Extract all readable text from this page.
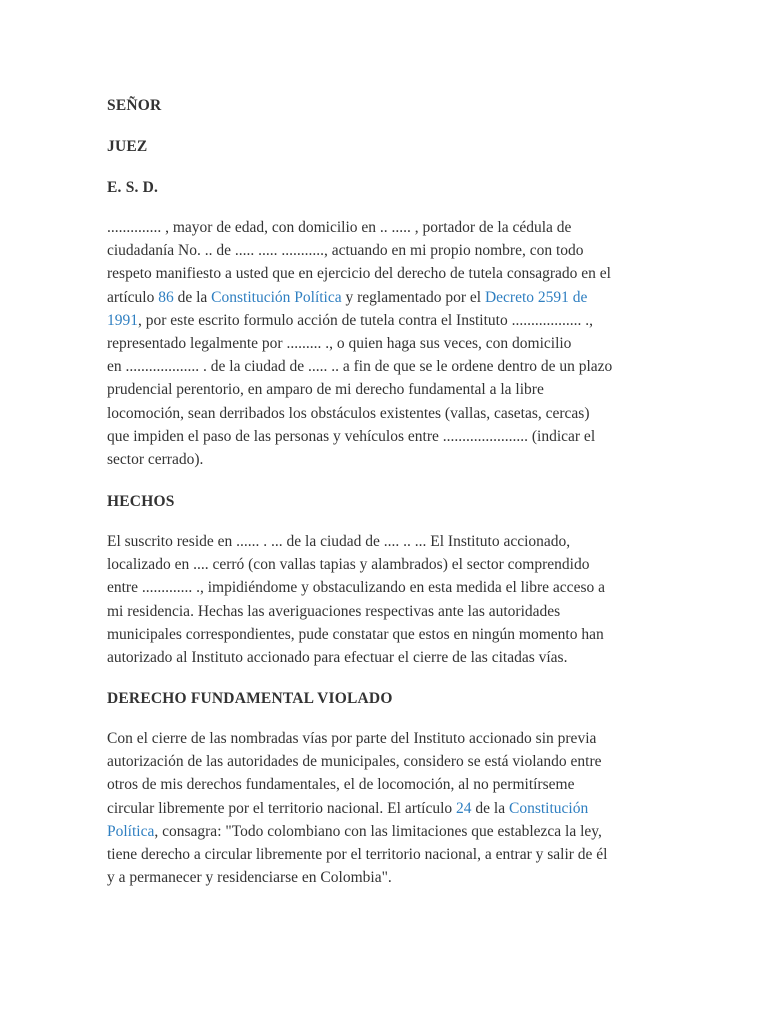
SEÑOR

JUEZ

E. S. D.

.............. , mayor de edad, con domicilio en .. ..... , portador de la cédula de
ciudadanía No. .. de ..... ..... ..........., actuando en mi propio nombre, con todo
respeto manifiesto a usted que en ejercicio del derecho de tutela consagrado en el
artículo 86 de la Constitución Política y reglamentado por el Decreto 2591 de
1991, por este escrito formulo acción de tutela contra el Instituto .................. .,
representado legalmente por ......... ., o quien haga sus veces, con domicilio
en ................... . de la ciudad de ..... .. a fin de que se le ordene dentro de un plazo
prudencial perentorio, en amparo de mi derecho fundamental a la libre
locomoción, sean derribados los obstáculos existentes (vallas, casetas, cercas)
que impiden el paso de las personas y vehículos entre ...................... (indicar el
sector cerrado).

HECHOS

El suscrito reside en ...... . ... de la ciudad de .... .. ... El Instituto accionado,
localizado en .... cerró (con vallas tapias y alambrados) el sector comprendido
entre ............. ., impidiéndome y obstaculizando en esta medida el libre acceso a
mi residencia. Hechas las averiguaciones respectivas ante las autoridades
municipales correspondientes, pude constatar que estos en ningún momento han
autorizado al Instituto accionado para efectuar el cierre de las citadas vías.

DERECHO FUNDAMENTAL VIOLADO

Con el cierre de las nombradas vías por parte del Instituto accionado sin previa
autorización de las autoridades de municipales, considero se está violando entre
otros de mis derechos fundamentales, el de locomoción, al no permitírseme
circular libremente por el territorio nacional. El artículo 24 de la Constitución
Política, consagra: "Todo colombiano con las limitaciones que establezca la ley,
tiene derecho a circular libremente por el territorio nacional, a entrar y salir de él
y a permanecer y residenciarse en Colombia".
